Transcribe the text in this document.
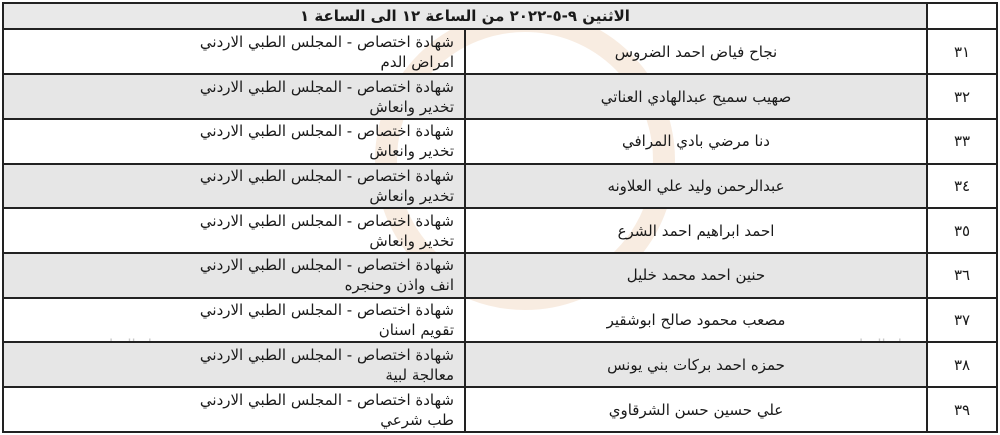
	الاثنين ٩-٥-٢٠٢٢ من الساعة ١٢ الى الساعة ١	
٣١	نجاح فياض احمد الضروس	شهادة اختصاص - المجلس الطبي الاردني
امراض الدم

٣٢	صهيب سميح عبدالهادي العناتي	شهادة اختصاص - المجلس الطبي الاردني
تخدير وانعاش

٣٣	دنا مرضي بادي المرافي	شهادة اختصاص - المجلس الطبي الاردني
تخدير وانعاش

٣٤	عبدالرحمن وليد علي العلاونه	شهادة اختصاص - المجلس الطبي الاردني
تخدير وانعاش

٣٥	احمد ابراهيم احمد الشرع	شهادة اختصاص - المجلس الطبي الاردني
تخدير وانعاش

٣٦	حنين احمد محمد خليل	شهادة اختصاص - المجلس الطبي الاردني
انف واذن وحنجره

٣٧	مصعب محمود صالح ابوشقير	شهادة اختصاص - المجلس الطبي الاردني
تقويم اسنان

٣٨	حمزه احمد بركات بني يونس	شهادة اختصاص - المجلس الطبي الاردني
معالجة لبية

٣٩	علي حسين حسن الشرقاوي	شهادة اختصاص - المجلس الطبي الاردني
طب شرعي
